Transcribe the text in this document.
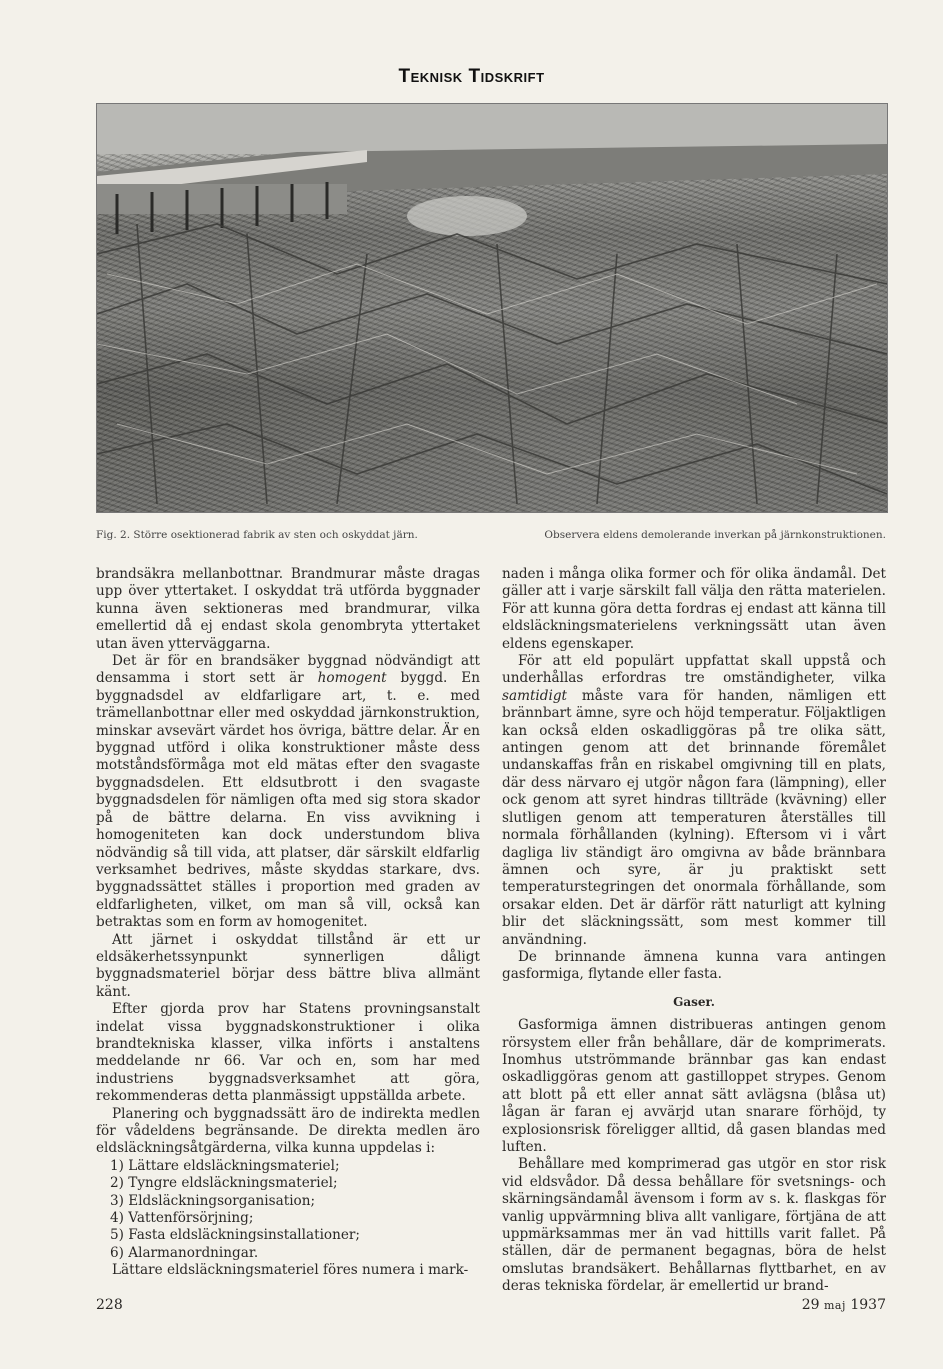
Teknisk Tidskrift
Fig. 2. Större osektionerad fabrik av sten och oskyddat järn.	Observera eldens demolerande inverkan på järnkonstruktionen.

brandsäkra mellanbottnar. Brandmurar måste dragas upp över yttertaket. I oskyddat trä utförda byggnader kunna även sektioneras med brandmurar, vilka emellertid då ej endast skola genombryta yttertaket utan även ytterväggarna.

Det är för en brandsäker byggnad nödvändigt att densamma i stort sett är homogent byggd. En byggnadsdel av eldfarligare art, t. e. med trämellanbottnar eller med oskyddad järnkonstruktion, minskar avsevärt värdet hos övriga, bättre delar. Är en byggnad utförd i olika konstruktioner måste dess motståndsförmåga mot eld mätas efter den svagaste byggnadsdelen. Ett eldsutbrott i den svagaste byggnadsdelen för nämligen ofta med sig stora skador på de bättre delarna. En viss avvikning i homogeniteten kan dock understundom bliva nödvändig så till vida, att platser, där särskilt eldfarlig verksamhet bedrives, måste skyddas starkare, dvs. byggnadssättet ställes i proportion med graden av eldfarligheten, vilket, om man så vill, också kan betraktas som en form av homogenitet.

Att järnet i oskyddat tillstånd är ett ur eldsäkerhetssynpunkt synnerligen dåligt byggnadsmateriel börjar dess bättre bliva allmänt känt.

Efter gjorda prov har Statens provningsanstalt indelat vissa byggnadskonstruktioner i olika brandtekniska klasser, vilka införts i anstaltens meddelande nr 66. Var och en, som har med industriens byggnadsverksamhet att göra, rekommenderas detta planmässigt uppställda arbete.

Planering och byggnadssätt äro de indirekta medlen för vådeldens begränsande. De direkta medlen äro eldsläckningsåtgärderna, vilka kunna uppdelas i:

1) Lättare eldsläckningsmateriel;
2) Tyngre eldsläckningsmateriel;
3) Eldsläckningsorganisation;
4) Vattenförsörjning;
5) Fasta eldsläckningsinstallationer;
6) Alarmanordningar.

Lättare eldsläckningsmateriel föres numera i mark-

naden i många olika former och för olika ändamål. Det gäller att i varje särskilt fall välja den rätta materielen. För att kunna göra detta fordras ej endast att känna till eldsläckningsmaterielens verkningssätt utan även eldens egenskaper.

För att eld populärt uppfattat skall uppstå och underhållas erfordras tre omständigheter, vilka samtidigt måste vara för handen, nämligen ett brännbart ämne, syre och höjd temperatur. Följaktligen kan också elden oskadliggöras på tre olika sätt, antingen genom att det brinnande föremålet undanskaffas från en riskabel omgivning till en plats, där dess närvaro ej utgör någon fara (lämpning), eller ock genom att syret hindras tillträde (kvävning) eller slutligen genom att temperaturen återställes till normala förhållanden (kylning). Eftersom vi i vårt dagliga liv ständigt äro omgivna av både brännbara ämnen och syre, är ju praktiskt sett temperaturstegringen det onormala förhållande, som orsakar elden. Det är därför rätt naturligt att kylning blir det släckningssätt, som mest kommer till användning.

De brinnande ämnena kunna vara antingen gasformiga, flytande eller fasta.

Gaser.

Gasformiga ämnen distribueras antingen genom rörsystem eller från behållare, där de komprimerats. Inomhus utströmmande brännbar gas kan endast oskadliggöras genom att gastilloppet strypes. Genom att blott på ett eller annat sätt avlägsna (blåsa ut) lågan är faran ej avvärjd utan snarare förhöjd, ty explosionsrisk föreligger alltid, då gasen blandas med luften.

Behållare med komprimerad gas utgör en stor risk vid eldsvådor. Då dessa behållare för svetsnings- och skärningsändamål ävensom i form av s. k. flaskgas för vanlig uppvärmning bliva allt vanligare, förtjäna de att uppmärksammas mer än vad hittills varit fallet. På ställen, där de permanent begagnas, böra de helst omslutas brandsäkert. Behållarnas flyttbarhet, en av deras tekniska fördelar, är emellertid ur brand-

228	29 maj 1937
